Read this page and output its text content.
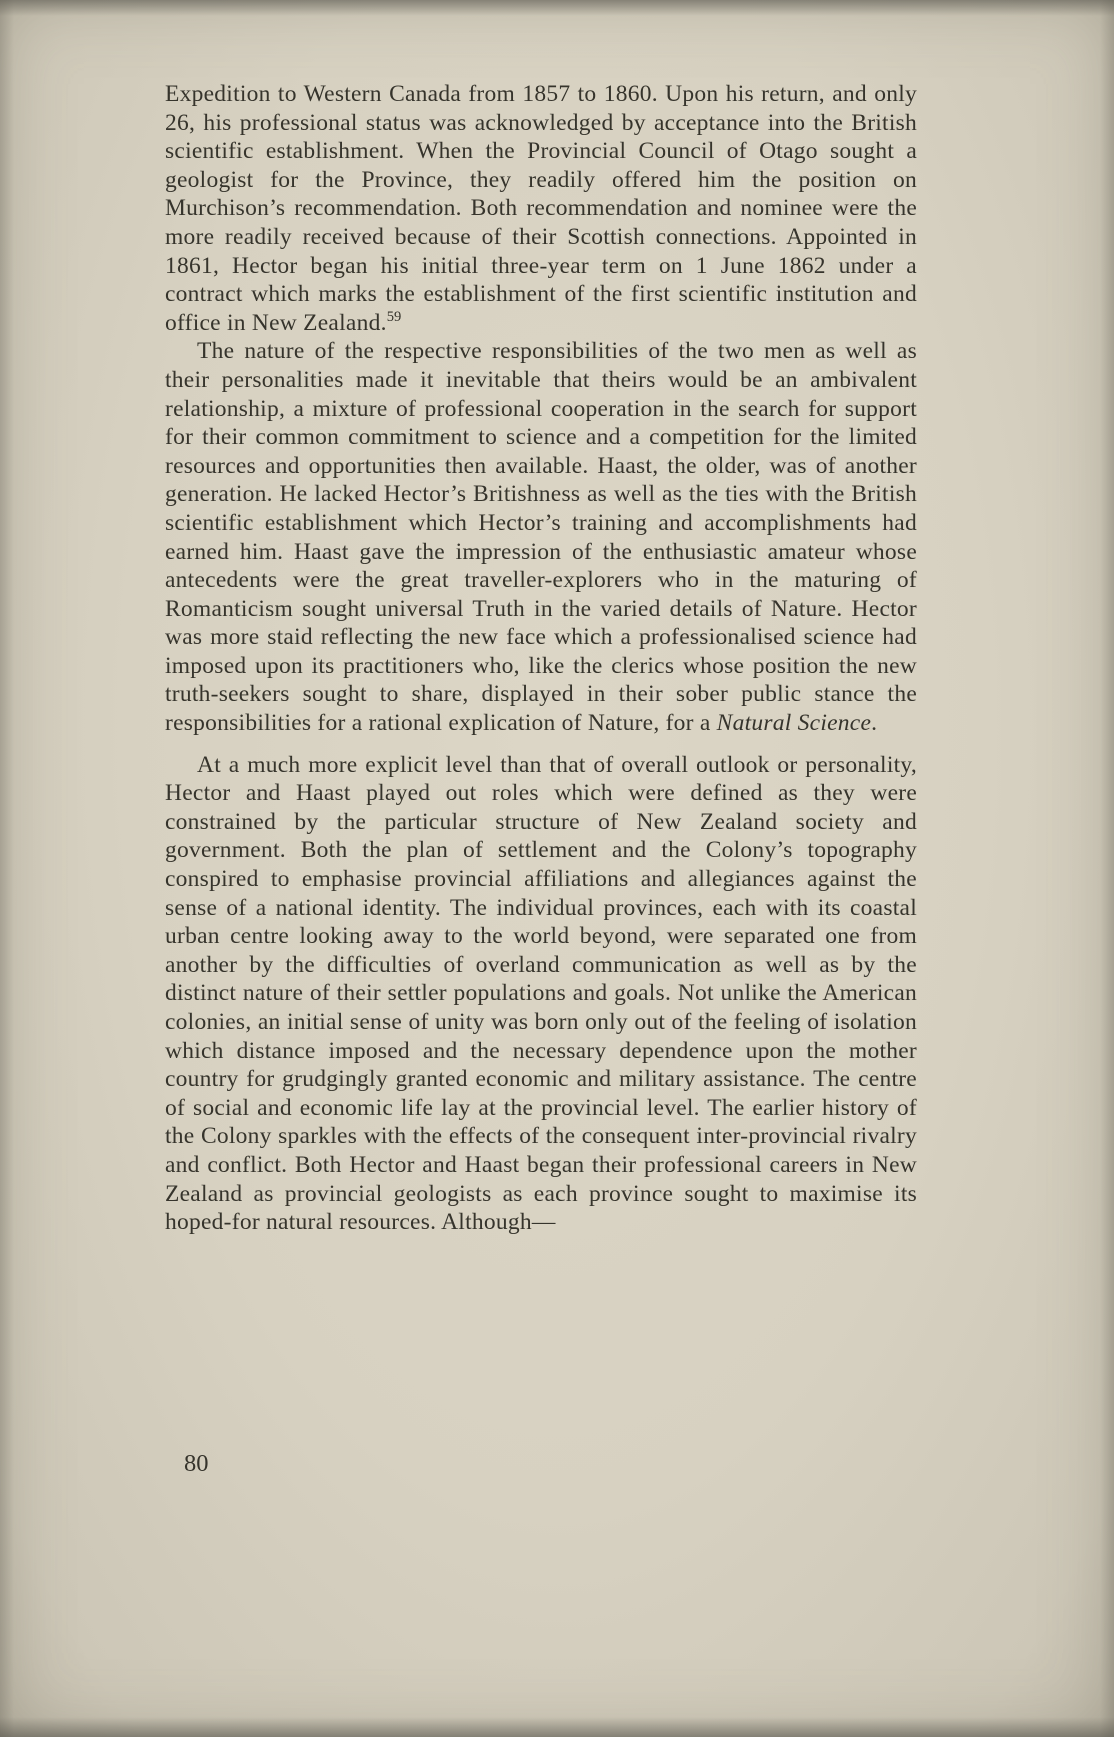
Expedition to Western Canada from 1857 to 1860. Upon his return, and only 26, his professional status was acknowledged by acceptance into the British scientific establishment. When the Provincial Council of Otago sought a geologist for the Province, they readily offered him the position on Murchison’s recommendation. Both recommendation and nominee were the more readily received because of their Scottish connections. Appointed in 1861, Hector began his initial three-year term on 1 June 1862 under a contract which marks the establishment of the first scientific institution and office in New Zealand.$^{59}$

The nature of the respective responsibilities of the two men as well as their personalities made it inevitable that theirs would be an ambivalent relationship, a mixture of professional cooperation in the search for support for their common commitment to science and a competition for the limited resources and opportunities then available. Haast, the older, was of another generation. He lacked Hector’s Britishness as well as the ties with the British scientific establishment which Hector’s training and accomplishments had earned him. Haast gave the impression of the enthusiastic amateur whose antecedents were the great traveller-explorers who in the maturing of Romanticism sought universal Truth in the varied details of Nature. Hector was more staid reflecting the new face which a professionalised science had imposed upon its practitioners who, like the clerics whose position the new truth-seekers sought to share, displayed in their sober public stance the responsibilities for a rational explication of Nature, for a Natural Science.

At a much more explicit level than that of overall outlook or personality, Hector and Haast played out roles which were defined as they were constrained by the particular structure of New Zealand society and government. Both the plan of settlement and the Colony’s topography conspired to emphasise provincial affiliations and allegiances against the sense of a national identity. The individual provinces, each with its coastal urban centre looking away to the world beyond, were separated one from another by the difficulties of overland communication as well as by the distinct nature of their settler populations and goals. Not unlike the American colonies, an initial sense of unity was born only out of the feeling of isolation which distance imposed and the necessary dependence upon the mother country for grudgingly granted economic and military assistance. The centre of social and economic life lay at the provincial level. The earlier history of the Colony sparkles with the effects of the consequent inter-provincial rivalry and conflict. Both Hector and Haast began their professional careers in New Zealand as provincial geologists as each province sought to maximise its hoped-for natural resources. Although—

80
